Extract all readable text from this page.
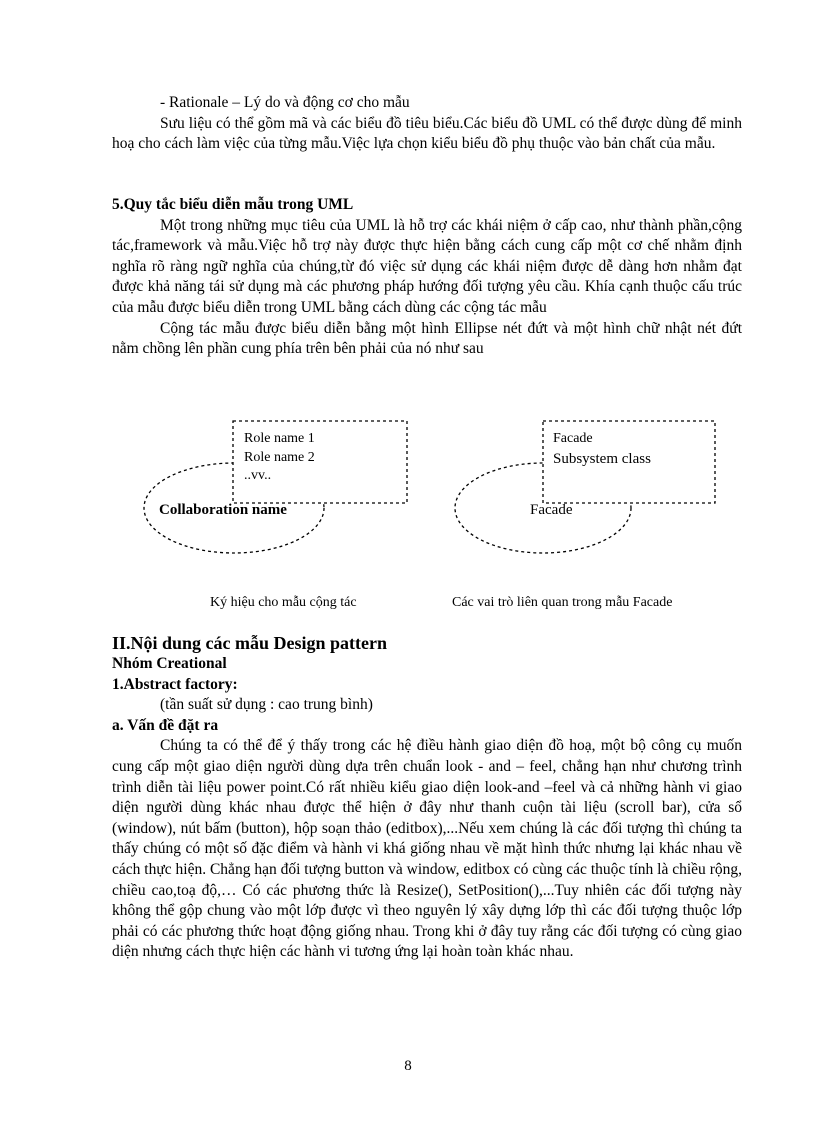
- Rationale – Lý do và động cơ cho mẫu

Sưu liệu có thể gồm mã và các biểu đồ tiêu biểu.Các biểu đồ UML có thể được dùng để minh hoạ cho cách làm việc của từng mẫu.Việc lựa chọn kiểu biểu đồ phụ thuộc vào bản chất của mẫu.

5.Quy tắc biểu diễn mẫu trong UML

Một trong những mục tiêu của UML là hỗ trợ các khái niệm ở cấp cao, như thành phần,cộng tác,framework và mẫu.Việc hỗ trợ này được thực hiện bằng cách cung cấp một cơ chế nhằm định nghĩa rõ ràng ngữ nghĩa của chúng,từ đó việc sử dụng các khái niệm được dễ dàng hơn nhằm đạt được khả năng tái sử dụng mà các phương pháp hướng đối tượng yêu cầu. Khía cạnh thuộc cấu trúc của mẫu được biểu diễn trong UML bằng cách dùng các cộng tác mẫu

Cộng tác mẫu được biểu diễn bằng một hình Ellipse nét đứt và một hình chữ nhật nét đứt nằm chồng lên phần cung phía trên bên phải của nó như sau

Role name 1
Role name 2
..vv..
Collaboration name
Facade
Subsystem class
Facade
Ký hiệu cho mẫu cộng tác	Các vai trò liên quan trong mẫu Facade

II.Nội dung các mẫu Design pattern

Nhóm Creational

1.Abstract factory:

(tần suất sử dụng : cao trung bình)

a. Vấn đề đặt ra

Chúng ta có thể để ý thấy trong các hệ điều hành giao diện đồ hoạ, một bộ công cụ muốn cung cấp một giao diện người dùng dựa trên chuẩn look - and – feel, chẳng hạn như chương trình trình diễn tài liệu power point.Có rất nhiều kiểu giao diện look-and –feel và cả những hành vi giao diện người dùng khác nhau được thể hiện ở đây như thanh cuộn tài liệu (scroll bar), cửa sổ (window), nút bấm (button), hộp soạn thảo (editbox),...Nếu xem chúng là các đối tượng thì chúng ta thấy chúng có một số đặc điểm và hành vi khá giống nhau về mặt hình thức nhưng lại khác nhau về cách thực hiện. Chẳng hạn đối tượng button và window, editbox có cùng các thuộc tính là chiều rộng, chiều cao,toạ độ,… Có các phương thức là Resize(), SetPosition(),...Tuy nhiên các đối tượng này không thể gộp chung vào một lớp được vì theo nguyên lý xây dựng lớp thì các đối tượng thuộc lớp phải có các phương thức hoạt động giống nhau. Trong khi ở đây tuy rằng các đối tượng có cùng giao diện nhưng cách thực hiện các hành vi tương ứng lại hoàn toàn khác nhau.

8
